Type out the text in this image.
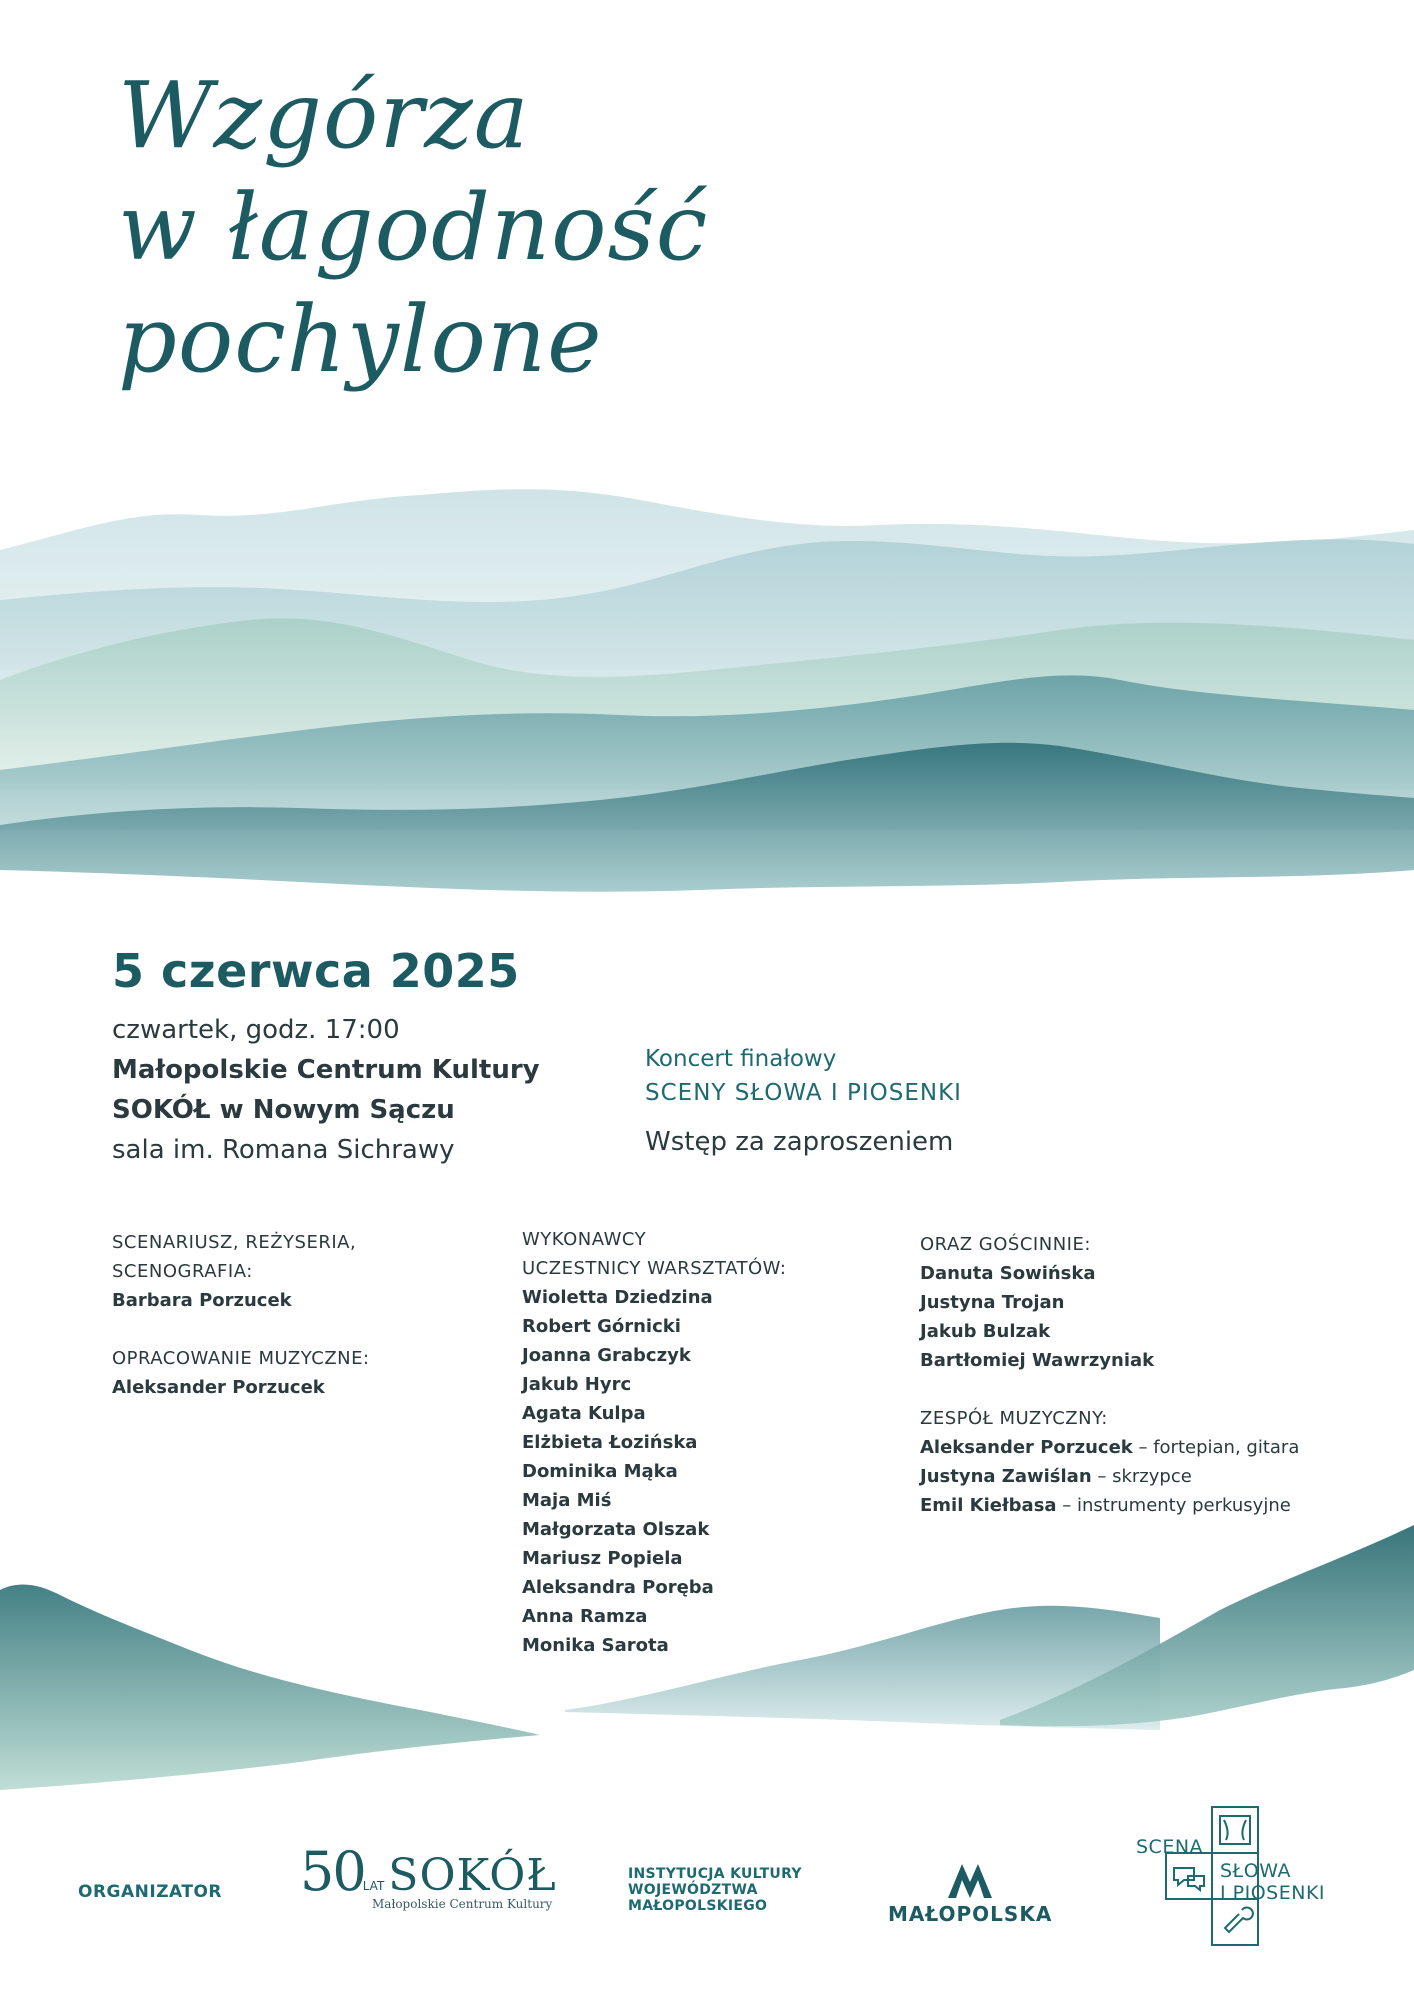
Wzgórza
w łagodność
pochylone
5 czerwca 2025
czwartek, godz. 17:00
Małopolskie Centrum Kultury
SOKÓŁ w Nowym Sączu
sala im. Romana Sichrawy
Koncert finałowy
SCENY SŁOWA I PIOSENKI
Wstęp za zaproszeniem
SCENARIUSZ, REŻYSERIA,
SCENOGRAFIA:
Barbara Porzucek
OPRACOWANIE MUZYCZNE:
Aleksander Porzucek
WYKONAWCY
UCZESTNICY WARSZTATÓW:
Wioletta Dziedzina
Robert Górnicki
Joanna Grabczyk
Jakub Hyrc
Agata Kulpa
Elżbieta Łozińska
Dominika Mąka
Maja Miś
Małgorzata Olszak
Mariusz Popiela
Aleksandra Poręba
Anna Ramza
Monika Sarota
ORAZ GOŚCINNIE:
Danuta Sowińska
Justyna Trojan
Jakub Bulzak
Bartłomiej Wawrzyniak
ZESPÓŁ MUZYCZNY:
Aleksander Porzucek – fortepian, gitara
Justyna Zawiślan – skrzypce
Emil Kiełbasa – instrumenty perkusyjne
ORGANIZATOR 50LATSOKÓŁ
Małopolskie Centrum Kultury
INSTYTUCJA KULTURY
WOJEWÓDZTWA
MAŁOPOLSKIEGO	MAŁOPOLSKA
SCENA
SŁOWA
I PIOSENKI
